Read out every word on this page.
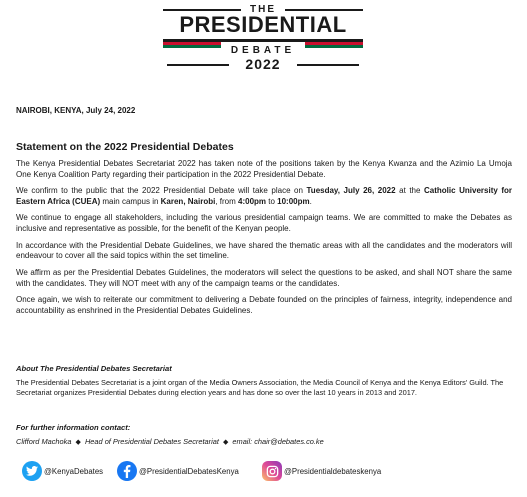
THE
PRESIDENTIAL
DEBATE
2022
NAIROBI, KENYA, July 24, 2022
Statement on the 2022 Presidential Debates

The Kenya Presidential Debates Secretariat 2022 has taken note of the positions taken by the Kenya Kwanza and the Azimio La Umoja One Kenya Coalition Party regarding their participation in the 2022 Presidential Debate.

We confirm to the public that the 2022 Presidential Debate will take place on Tuesday, July 26, 2022 at the Catholic University for Eastern Africa (CUEA) main campus in Karen, Nairobi, from 4:00pm to 10:00pm.

We continue to engage all stakeholders, including the various presidential campaign teams. We are committed to make the Debates as inclusive and representative as possible, for the benefit of the Kenyan people.

In accordance with the Presidential Debate Guidelines, we have shared the thematic areas with all the candidates and the moderators will endeavour to cover all the said topics within the set timeline.

We affirm as per the Presidential Debates Guidelines, the moderators will select the questions to be asked, and shall NOT share the same with the candidates. They will NOT meet with any of the campaign teams or the candidates.

Once again, we wish to reiterate our commitment to delivering a Debate founded on the principles of fairness, integrity, independence and accountability as enshrined in the Presidential Debates Guidelines.

About The Presidential Debates Secretariat
The Presidential Debates Secretariat is a joint organ of the Media Owners Association, the Media Council of Kenya and the Kenya Editors' Guild. The Secretariat organizes Presidential Debates during election years and has done so over the last 10 years in 2013 and 2017.
For further information contact:
Clifford Machoka ◆ Head of Presidential Debates Secretariat ◆ email: chair@debates.co.ke
@KenyaDebates	@PresidentialDebatesKenya	@Presidentialdebateskenya
